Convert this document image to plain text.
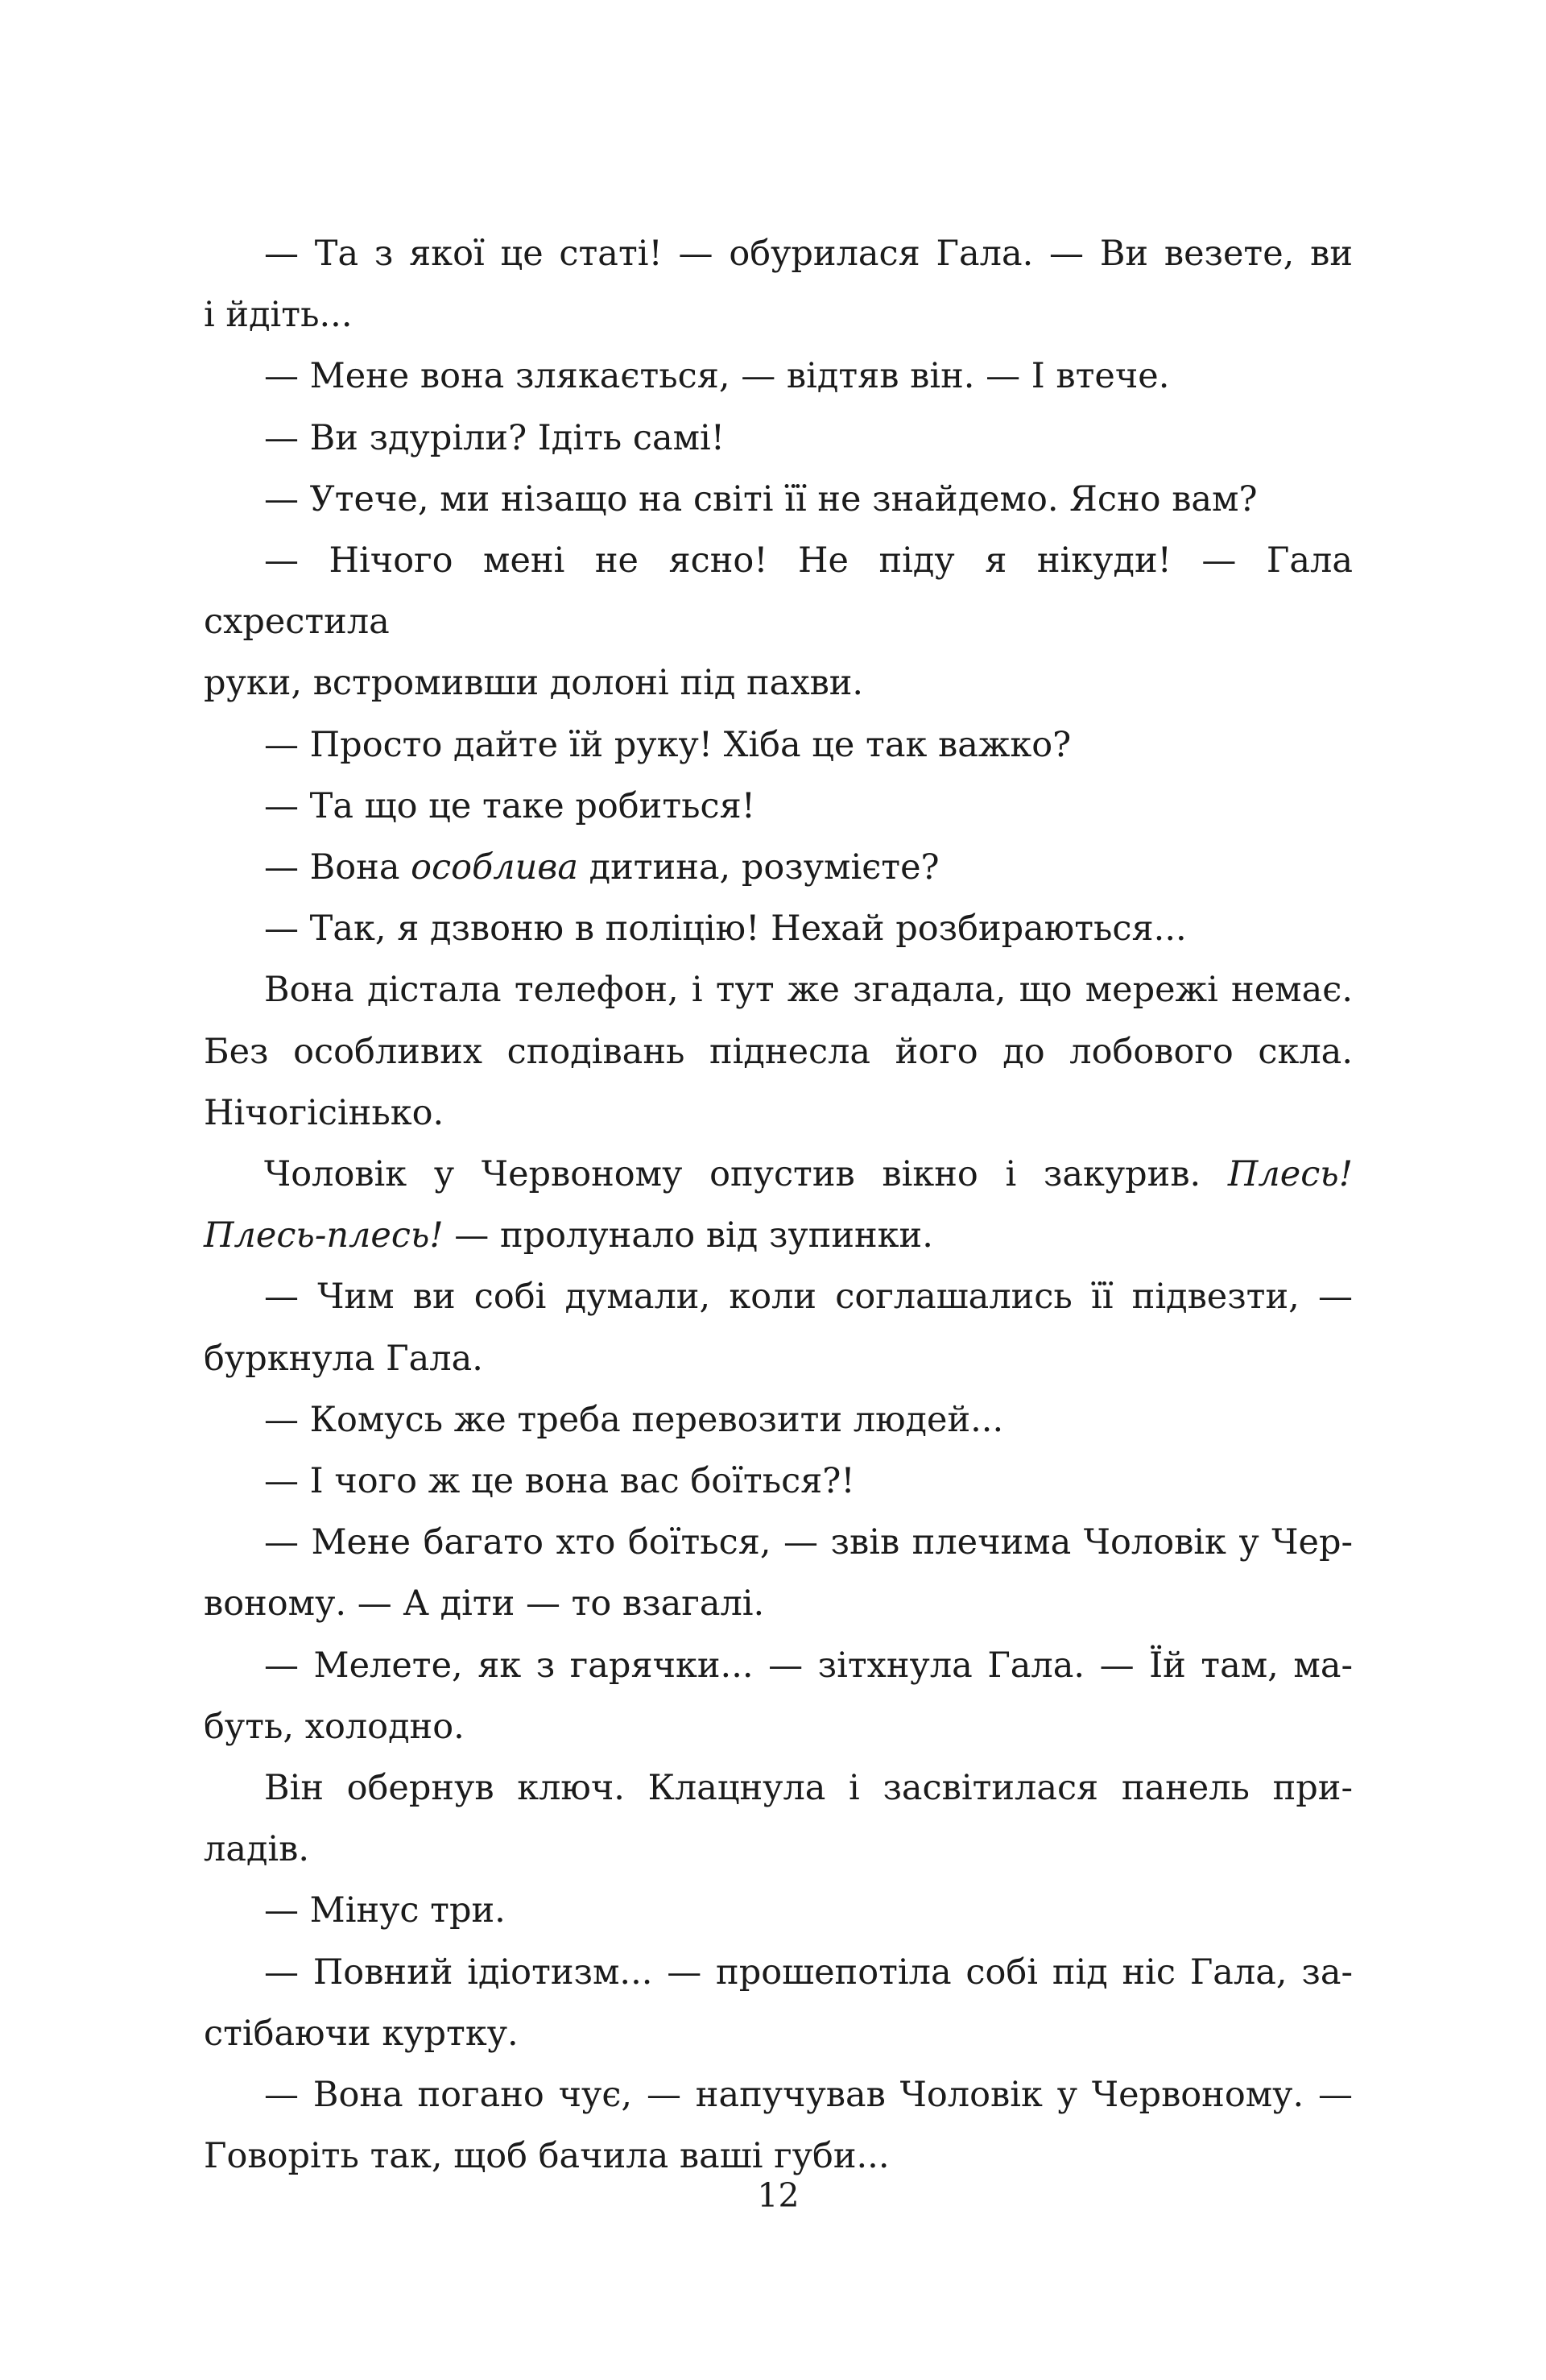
— Та з якої це статі! — обурилася Гала. — Ви везете, ви
і йдіть...
— Мене вона злякається, — відтяв він. — І втече.
— Ви здуріли? Ідіть самі!
— Утече, ми нізащо на світі її не знайдемо. Ясно вам?
— Нічого мені не ясно! Не піду я нікуди! — Гала схрестила
руки, встромивши долоні під пахви.
— Просто дайте їй руку! Хіба це так важко?
— Та що це таке робиться!
— Вона особлива дитина, розумієте?
— Так, я дзвоню в поліцію! Нехай розбираються...
Вона дістала телефон, і тут же згадала, що мережі немає.
Без особливих сподівань піднесла його до лобового скла.
Нічогісінько.
Чоловік у Червоному опустив вікно і закурив. Плесь!
Плесь-плесь! — пролунало від зупинки.
— Чим ви собі думали, коли соглашались її підвезти, —
буркнула Гала.
— Комусь же треба перевозити людей...
— І чого ж це вона вас боїться?!
— Мене багато хто боїться, — звів плечима Чоловік у Чер-
воному. — А діти — то взагалі.
— Мелете, як з гарячки... — зітхнула Гала. — Їй там, ма-
буть, холодно.
Він обернув ключ. Клацнула і засвітилася панель при-
ладів.
— Мінус три.
— Повний ідіотизм... — прошепотіла собі під ніс Гала, за-
стібаючи куртку.
— Вона погано чує, — напучував Чоловік у Червоному. —
Говоріть так, щоб бачила ваші губи...
12
